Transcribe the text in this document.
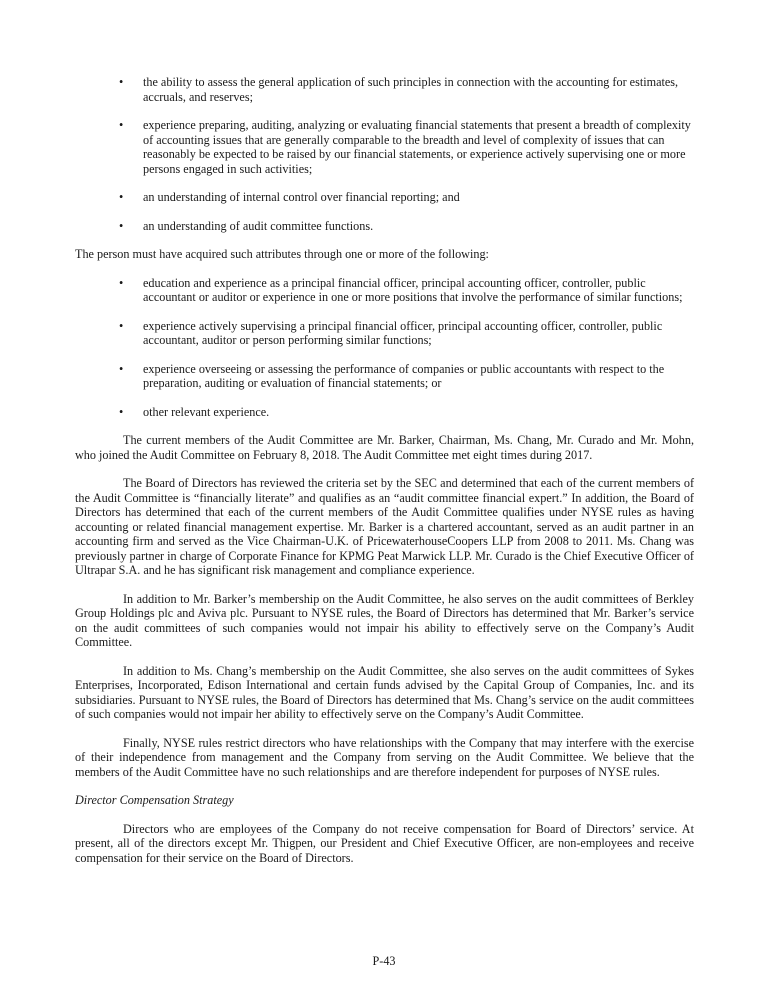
• the ability to assess the general application of such principles in connection with the accounting for estimates, accruals, and reserves;
• experience preparing, auditing, analyzing or evaluating financial statements that present a breadth of complexity of accounting issues that are generally comparable to the breadth and level of complexity of issues that can reasonably be expected to be raised by our financial statements, or experience actively supervising one or more persons engaged in such activities;
• an understanding of internal control over financial reporting; and
• an understanding of audit committee functions.

The person must have acquired such attributes through one or more of the following:

• education and experience as a principal financial officer, principal accounting officer, controller, public accountant or auditor or experience in one or more positions that involve the performance of similar functions;
• experience actively supervising a principal financial officer, principal accounting officer, controller, public accountant, auditor or person performing similar functions;
• experience overseeing or assessing the performance of companies or public accountants with respect to the preparation, auditing or evaluation of financial statements; or
• other relevant experience.

The current members of the Audit Committee are Mr. Barker, Chairman, Ms. Chang, Mr. Curado and Mr. Mohn, who joined the Audit Committee on February 8, 2018. The Audit Committee met eight times during 2017.

The Board of Directors has reviewed the criteria set by the SEC and determined that each of the current members of the Audit Committee is “financially literate” and qualifies as an “audit committee financial expert.” In addition, the Board of Directors has determined that each of the current members of the Audit Committee qualifies under NYSE rules as having accounting or related financial management expertise. Mr. Barker is a chartered accountant, served as an audit partner in an accounting firm and served as the Vice Chairman-U.K. of PricewaterhouseCoopers LLP from 2008 to 2011. Ms. Chang was previously partner in charge of Corporate Finance for KPMG Peat Marwick LLP. Mr. Curado is the Chief Executive Officer of Ultrapar S.A. and he has significant risk management and compliance experience.

In addition to Mr. Barker’s membership on the Audit Committee, he also serves on the audit committees of Berkley Group Holdings plc and Aviva plc. Pursuant to NYSE rules, the Board of Directors has determined that Mr. Barker’s service on the audit committees of such companies would not impair his ability to effectively serve on the Company’s Audit Committee.

In addition to Ms. Chang’s membership on the Audit Committee, she also serves on the audit committees of Sykes Enterprises, Incorporated, Edison International and certain funds advised by the Capital Group of Companies, Inc. and its subsidiaries. Pursuant to NYSE rules, the Board of Directors has determined that Ms. Chang’s service on the audit committees of such companies would not impair her ability to effectively serve on the Company’s Audit Committee.

Finally, NYSE rules restrict directors who have relationships with the Company that may interfere with the exercise of their independence from management and the Company from serving on the Audit Committee. We believe that the members of the Audit Committee have no such relationships and are therefore independent for purposes of NYSE rules.

Director Compensation Strategy

Directors who are employees of the Company do not receive compensation for Board of Directors’ service. At present, all of the directors except Mr. Thigpen, our President and Chief Executive Officer, are non-employees and receive compensation for their service on the Board of Directors.

P-43
